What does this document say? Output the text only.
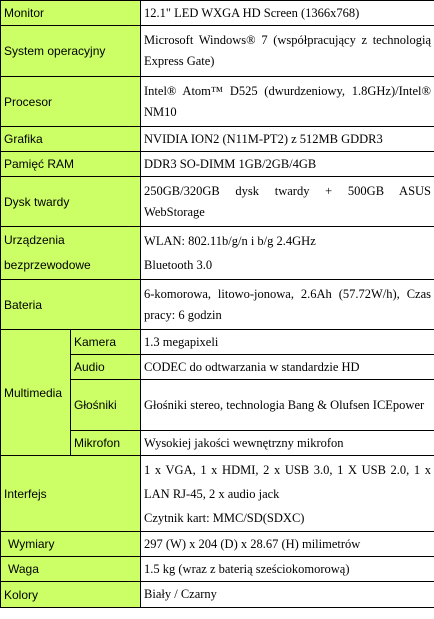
Monitor		12.1" LED WXGA HD Screen (1366x768)
System operacyjny		Microsoft Windows® 7 (współpracujący z technologią Express Gate)
Procesor		Intel® Atom™ D525 (dwurdzeniowy, 1.8GHz)/Intel® NM10
Grafika		NVIDIA ION2 (N11M-PT2) z 512MB GDDR3
Pamięć RAM		DDR3 SO-DIMM 1GB/2GB/4GB
Dysk twardy		250GB/320GB dysk twardy + 500GB ASUS WebStorage

Urządzenia
bezprzewodowe		WLAN: 802.11b/g/n i b/g 2.4GHz
Bluetooth 3.0

Bateria		6-komorowa, litowo-jonowa, 2.6Ah (57.72W/h), Czas pracy: 6 godzin
Multimedia	Kamera	1.3 megapixeli
	Audio	CODEC do odtwarzania w standardzie HD
	Głośniki	Głośniki stereo, technologia Bang & Olufsen ICEpower
	Mikrofon	Wysokiej jakości wewnętrzny mikrofon
Interfejs		1 x VGA, 1 x HDMI, 2 x USB 3.0, 1 X USB 2.0, 1 x LAN RJ-45, 2 x audio jack
Czytnik kart: MMC/SD(SDXC)

Wymiary		297 (W) x 204 (D) x 28.67 (H) milimetrów
Waga		1.5 kg (wraz z baterią sześciokomorową)
Kolory		Biały / Czarny
